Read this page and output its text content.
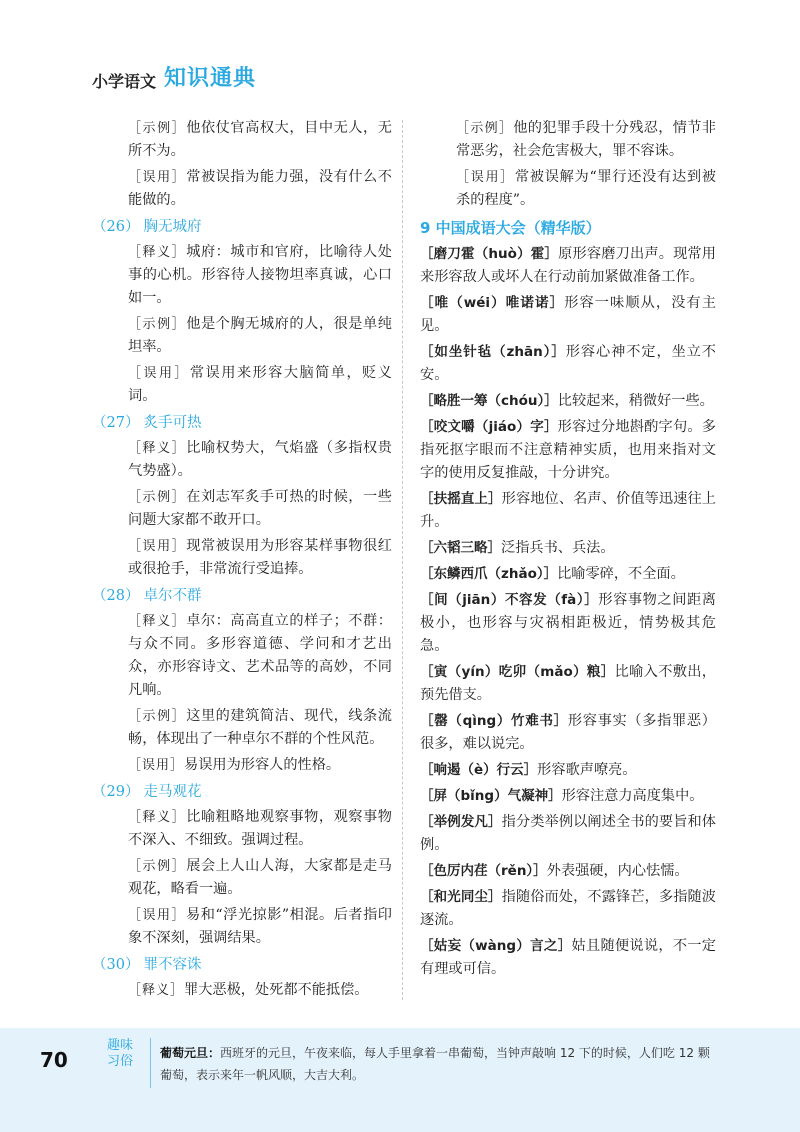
小学语文 知识通典
［示例］他依仗官高权大，目中无人，无所不为。
［误用］常被误指为能力强，没有什么不能做的。
（26） 胸无城府
［释义］城府：城市和官府，比喻待人处事的心机。形容待人接物坦率真诚，心口如一。
［示例］他是个胸无城府的人，很是单纯坦率。
［误用］常误用来形容大脑简单，贬义词。
（27） 炙手可热
［释义］比喻权势大，气焰盛（多指权贵气势盛）。
［示例］在刘志军炙手可热的时候，一些问题大家都不敢开口。
［误用］现常被误用为形容某样事物很红或很抢手，非常流行受追捧。
（28） 卓尔不群
［释义］卓尔：高高直立的样子；不群：与众不同。多形容道德、学问和才艺出众，亦形容诗文、艺术品等的高妙，不同凡响。
［示例］这里的建筑简洁、现代，线条流畅，体现出了一种卓尔不群的个性风范。
［误用］易误用为形容人的性格。
（29） 走马观花
［释义］比喻粗略地观察事物，观察事物不深入、不细致。强调过程。
［示例］展会上人山人海，大家都是走马观花，略看一遍。
［误用］易和“浮光掠影”相混。后者指印象不深刻，强调结果。
（30） 罪不容诛
［释义］罪大恶极，处死都不能抵偿。
［示例］他的犯罪手段十分残忍，情节非常恶劣，社会危害极大，罪不容诛。
［误用］常被误解为“罪行还没有达到被杀的程度”。
9 中国成语大会（精华版）
［磨刀霍（huò）霍］原形容磨刀出声。现常用来形容敌人或坏人在行动前加紧做准备工作。
［唯（wéi）唯诺诺］形容一味顺从，没有主见。
［如坐针毡（zhān）］形容心神不定，坐立不安。
［略胜一筹（chóu）］比较起来，稍微好一些。
［咬文嚼（jiáo）字］形容过分地斟酌字句。多指死抠字眼而不注意精神实质，也用来指对文字的使用反复推敲，十分讲究。
［扶摇直上］形容地位、名声、价值等迅速往上升。
［六韬三略］泛指兵书、兵法。
［东鳞西爪（zhǎo）］比喻零碎，不全面。
［间（jiān）不容发（fà）］形容事物之间距离极小，也形容与灾祸相距极近，情势极其危急。
［寅（yín）吃卯（mǎo）粮］比喻入不敷出，预先借支。
［罄（qìng）竹难书］形容事实（多指罪恶）很多，难以说完。
［响遏（è）行云］形容歌声嘹亮。
［屏（bǐng）气凝神］形容注意力高度集中。
［举例发凡］指分类举例以阐述全书的要旨和体例。
［色厉内荏（rěn）］外表强硬，内心怯懦。
［和光同尘］指随俗而处，不露锋芒，多指随波逐流。
［姑妄（wàng）言之］姑且随便说说，不一定有理或可信。
70
趣味
习俗
葡萄元旦：西班牙的元旦，午夜来临，每人手里拿着一串葡萄，当钟声敲响 12 下的时候，人们吃 12 颗葡萄，表示来年一帆风顺，大吉大利。
